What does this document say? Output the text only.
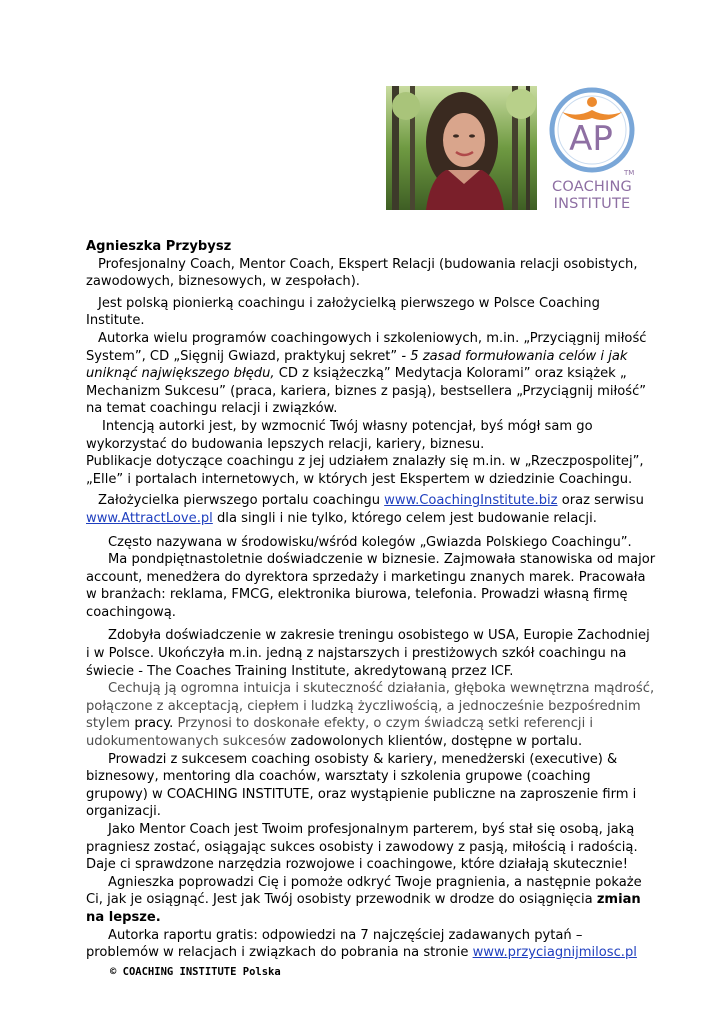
AP
TM
COACHING
INSTITUTE

Agnieszka Przybysz

Profesjonalny Coach, Mentor Coach, Ekspert Relacji (budowania relacji osobistych, zawodowych, biznesowych, w zespołach).

Jest polską pionierką coachingu i założycielką pierwszego w Polsce Coaching Institute.

Autorka wielu programów coachingowych i szkoleniowych, m.in. „Przyciągnij miłość System”, CD „Sięgnij Gwiazd, praktykuj sekret” - 5 zasad formułowania celów i jak uniknąć największego błędu, CD z książeczką” Medytacja Kolorami” oraz książek „ Mechanizm Sukcesu” (praca, kariera, biznes z pasją), bestsellera „Przyciągnij miłość” na temat coachingu relacji i związków.

Intencją autorki jest, by wzmocnić Twój własny potencjał, byś mógł sam go wykorzystać do budowania lepszych relacji, kariery, biznesu.

Publikacje dotyczące coachingu z jej udziałem znalazły się m.in. w „Rzeczpospolitej”, „Elle” i portalach internetowych, w których jest Ekspertem w dziedzinie Coachingu.

Założycielka pierwszego portalu coachingu www.CoachingInstitute.biz oraz serwisu www.AttractLove.pl dla singli i nie tylko, którego celem jest budowanie relacji.

Często nazywana w środowisku/wśród kolegów „Gwiazda Polskiego Coachingu”.

Ma pondpiętnastoletnie doświadczenie w biznesie. Zajmowała stanowiska od major account, menedżera do dyrektora sprzedaży i marketingu znanych marek. Pracowała w branżach: reklama, FMCG, elektronika biurowa, telefonia. Prowadzi własną firmę coachingową.

Zdobyła doświadczenie w zakresie treningu osobistego w USA, Europie Zachodniej i w Polsce. Ukończyła m.in. jedną z najstarszych i prestiżowych szkół coachingu na świecie - The Coaches Training Institute, akredytowaną przez ICF.

Cechują ją ogromna intuicja i skuteczność działania, głęboka wewnętrzna mądrość, połączone z akceptacją, ciepłem i ludzką życzliwością, a jednocześnie bezpośrednim stylem pracy. Przynosi to doskonałe efekty, o czym świadczą setki referencji i udokumentowanych sukcesów zadowolonych klientów, dostępne w portalu.

Prowadzi z sukcesem coaching osobisty & kariery, menedżerski (executive) & biznesowy, mentoring dla coachów, warsztaty i szkolenia grupowe (coaching grupowy) w COACHING INSTITUTE, oraz wystąpienie publiczne na zaproszenie firm i organizacji.

Jako Mentor Coach jest Twoim profesjonalnym parterem, byś stał się osobą, jaką pragniesz zostać, osiągając sukces osobisty i zawodowy z pasją, miłością i radością. Daje ci sprawdzone narzędzia rozwojowe i coachingowe, które działają skutecznie!

Agnieszka poprowadzi Cię i pomoże odkryć Twoje pragnienia, a następnie pokaże Ci, jak je osiągnąć. Jest jak Twój osobisty przewodnik w drodze do osiągnięcia zmian na lepsze.

Autorka raportu gratis: odpowiedzi na 7 najczęściej zadawanych pytań – problemów w relacjach i związkach do pobrania na stronie www.przyciagnijmilosc.pl

© COACHING INSTITUTE Polska
